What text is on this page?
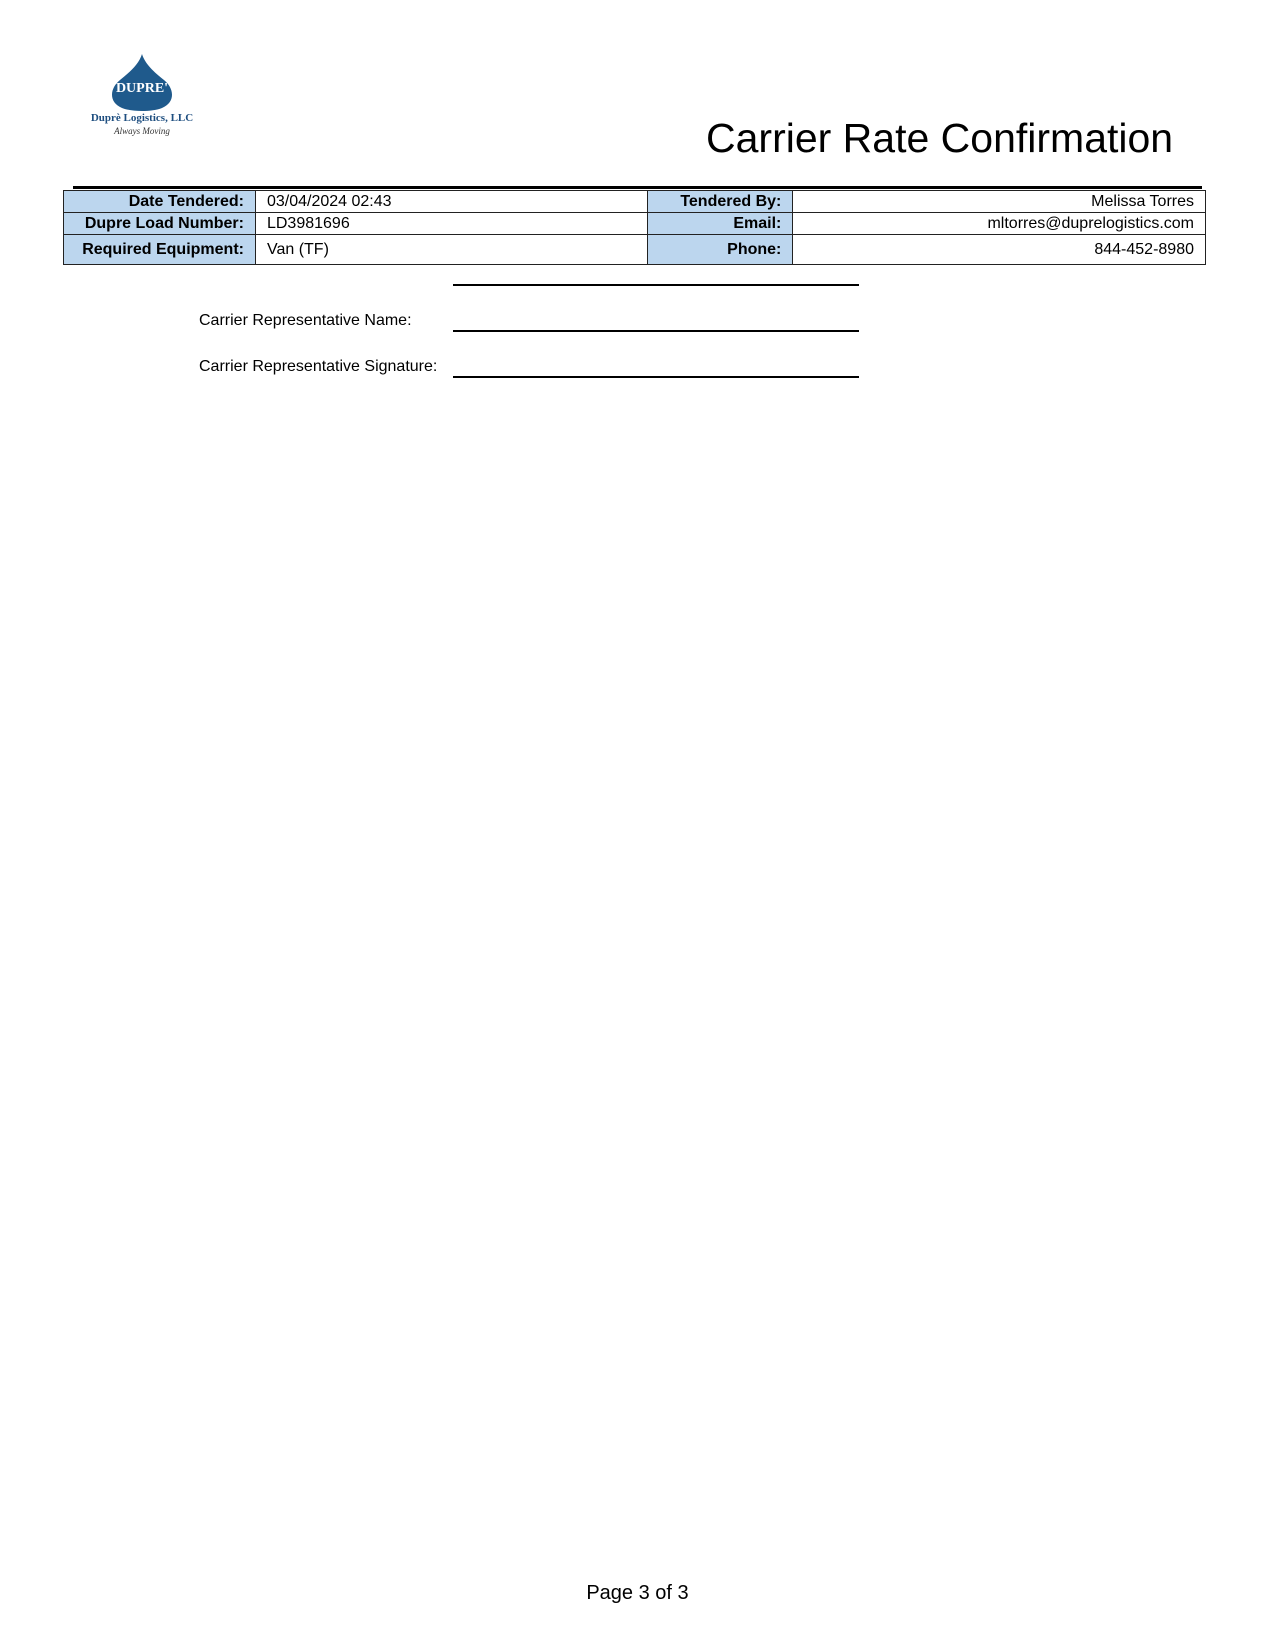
DUPRE'
Duprè Logistics, LLC
Always Moving	Carrier Rate Confirmation
Date Tendered:	03/04/2024 02:43	Tendered By:	Melissa Torres
Dupre Load Number:	LD3981696	Email:	mltorres@duprelogistics.com
Required Equipment:	Van (TF)	Phone:	844-452-8980
Carrier Representative Name:
Carrier Representative Signature:
Page 3 of 3
